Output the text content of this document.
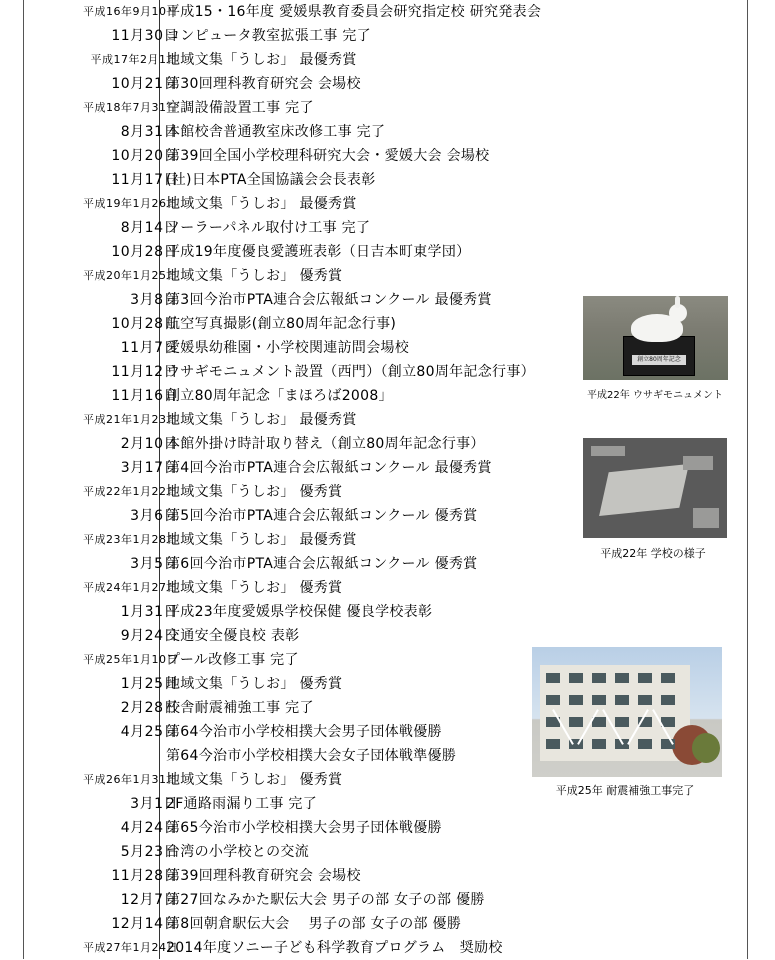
平成16年9月10日
平成15・16年度 愛媛県教育委員会研究指定校 研究発表会
11月30日
コンピュータ教室拡張工事 完了
平成17年2月1日
地域文集「うしお」 最優秀賞
10月21日
第30回理科教育研究会 会場校
平成18年7月31日
空調設備設置工事 完了
8月31日
本館校舎普通教室床改修工事 完了
10月20日
第39回全国小学校理科研究大会・愛媛大会 会場校
11月17日
(社)日本PTA全国協議会会長表彰
平成19年1月26日
地域文集「うしお」 最優秀賞
8月14日
ソーラーパネル取付け工事 完了
10月28日
平成19年度優良愛護班表彰（日吉本町東学団）
平成20年1月25日
地域文集「うしお」 優秀賞
3月8日
第3回今治市PTA連合会広報紙コンクール 最優秀賞
10月28日
航空写真撮影(創立80周年記念行事)
11月7日
愛媛県幼稚園・小学校関連訪問会場校
11月12日
ウサギモニュメント設置（西門）（創立80周年記念行事）
11月16日
創立80周年記念「まほろば2008」
平成21年1月23日
地域文集「うしお」 最優秀賞
2月10日
本館外掛け時計取り替え（創立80周年記念行事）
3月17日
第4回今治市PTA連合会広報紙コンクール 最優秀賞
平成22年1月22日
地域文集「うしお」 優秀賞
3月6日
第5回今治市PTA連合会広報紙コンクール 優秀賞
平成23年1月28日
地域文集「うしお」 最優秀賞
3月5日
第6回今治市PTA連合会広報紙コンクール 優秀賞
平成24年1月27日
地域文集「うしお」 優秀賞
1月31日
平成23年度愛媛県学校保健 優良学校表彰
9月24日
交通安全優良校 表彰
平成25年1月10日
プール改修工事 完了
1月25日
地域文集「うしお」 優秀賞
2月28日
校舎耐震補強工事 完了
4月25日
第64今治市小学校相撲大会男子団体戦優勝
第64今治市小学校相撲大会女子団体戦準優勝
平成26年1月31日
地域文集「うしお」 優秀賞
3月1日
2F通路雨漏り工事 完了
4月24日
第65今治市小学校相撲大会男子団体戦優勝
5月23日
台湾の小学校との交流
11月28日
第39回理科教育研究会 会場校
12月7日
第27回なみかた駅伝大会 男子の部 女子の部 優勝
12月14日
第8回朝倉駅伝大会　 男子の部 女子の部 優勝
平成27年1月24日
2014年度ソニー子ども科学教育プログラム　奨励校
創立80周年記念
平成22年 ウサギモニュメント
平成22年 学校の様子
平成25年 耐震補強工事完了
